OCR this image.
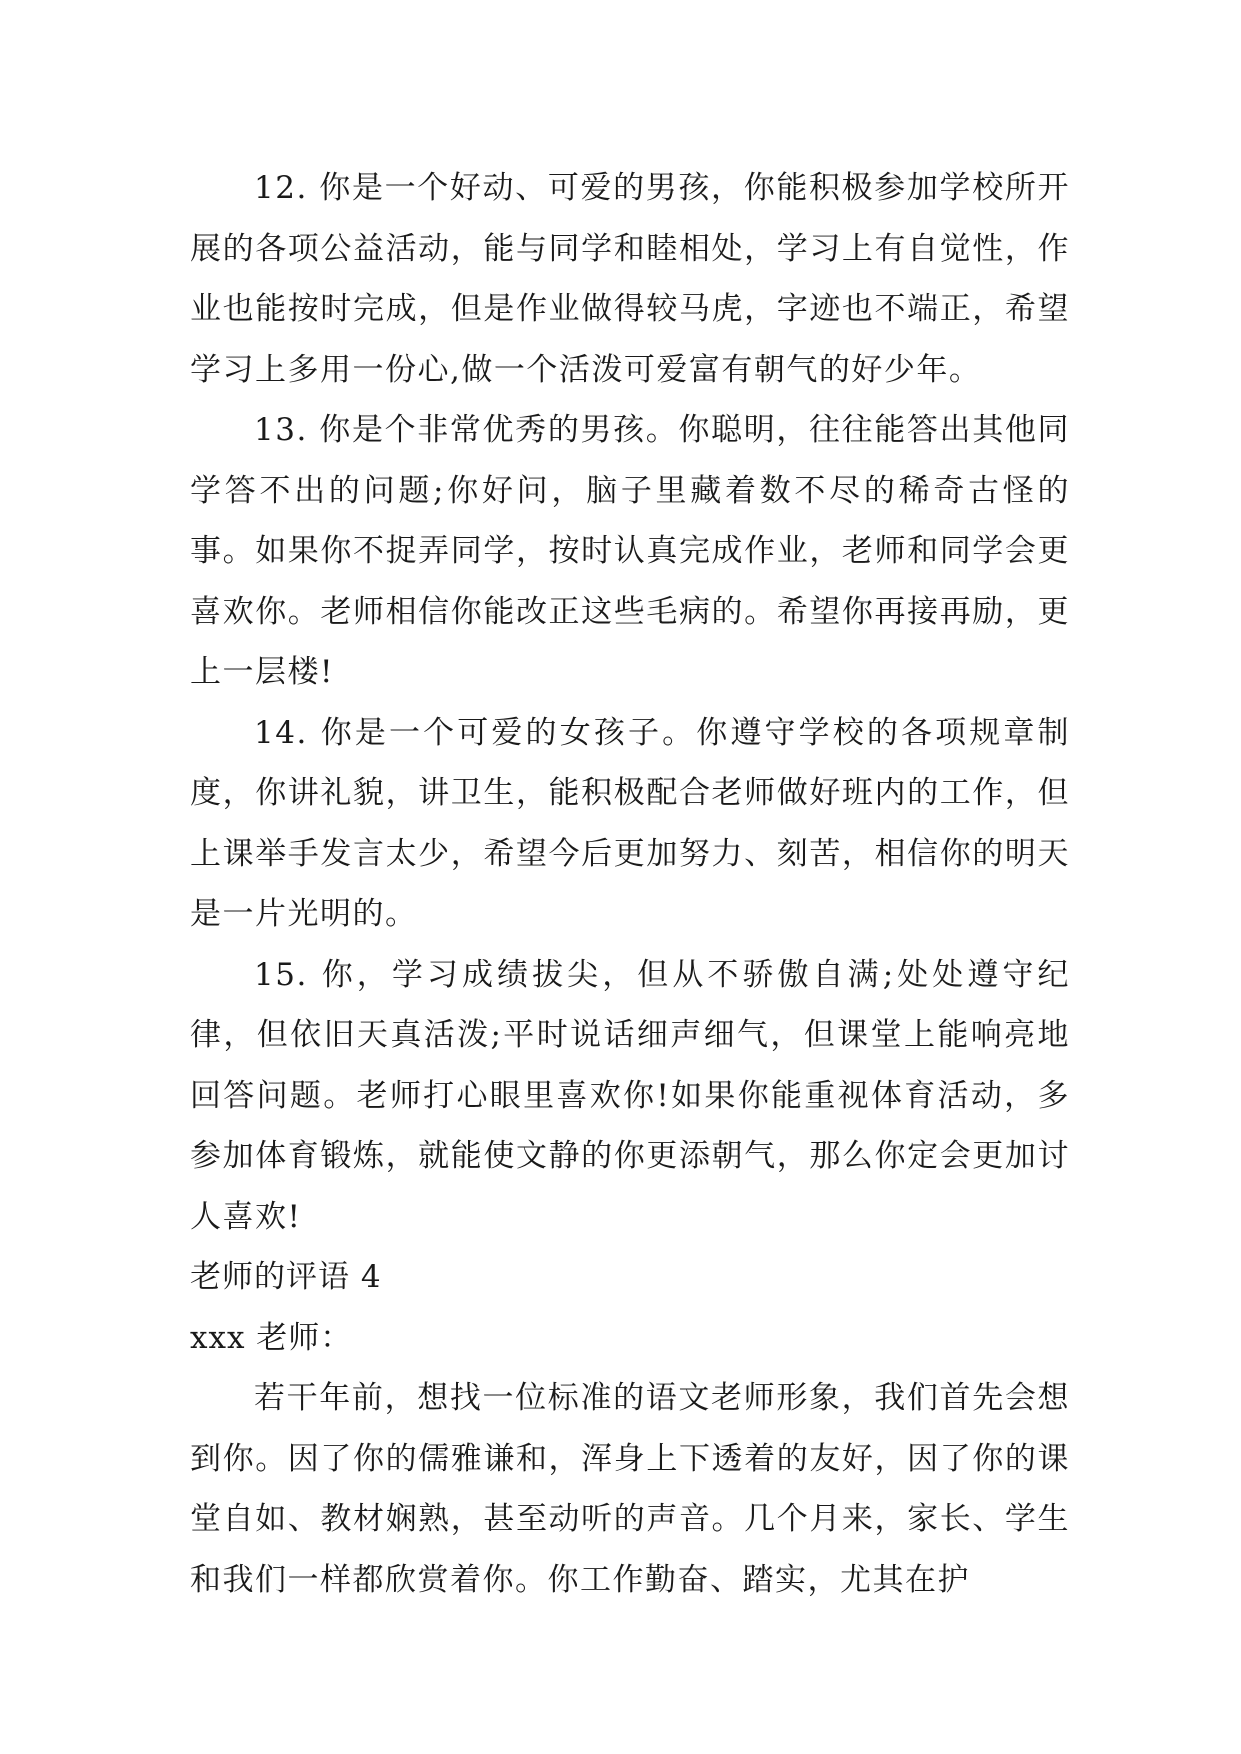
12. 你是一个好动、可爱的男孩，你能积极参加学校所开展的各项公益活动，能与同学和睦相处，学习上有自觉性，作业也能按时完成，但是作业做得较马虎，字迹也不端正，希望学习上多用一份心,做一个活泼可爱富有朝气的好少年。

13. 你是个非常优秀的男孩。你聪明，往往能答出其他同学答不出的问题;你好问，脑子里藏着数不尽的稀奇古怪的事。如果你不捉弄同学，按时认真完成作业，老师和同学会更喜欢你。老师相信你能改正这些毛病的。希望你再接再励，更上一层楼!

14. 你是一个可爱的女孩子。你遵守学校的各项规章制度，你讲礼貌，讲卫生，能积极配合老师做好班内的工作，但上课举手发言太少，希望今后更加努力、刻苦，相信你的明天是一片光明的。

15. 你，学习成绩拔尖，但从不骄傲自满;处处遵守纪律，但依旧天真活泼;平时说话细声细气，但课堂上能响亮地回答问题。老师打心眼里喜欢你!如果你能重视体育活动，多参加体育锻炼，就能使文静的你更添朝气，那么你定会更加讨人喜欢!

老师的评语 4

xxx 老师：

若干年前，想找一位标准的语文老师形象，我们首先会想到你。因了你的儒雅谦和，浑身上下透着的友好，因了你的课堂自如、教材娴熟，甚至动听的声音。几个月来，家长、学生和我们一样都欣赏着你。你工作勤奋、踏实，尤其在护
